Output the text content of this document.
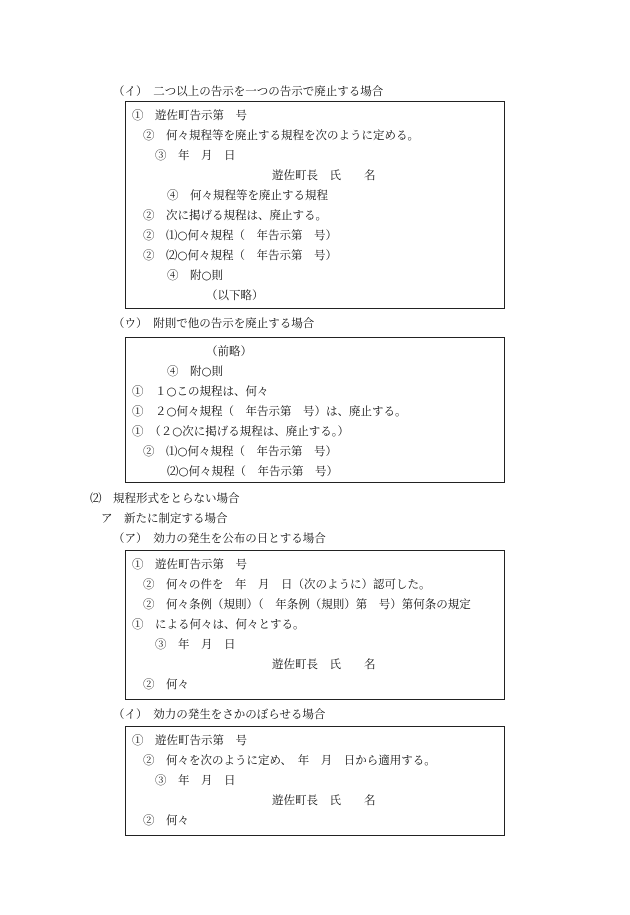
（イ）　二つ以上の告示を一つの告示で廃止する場合
①　遊佐町告示第　号
②　何々規程等を廃止する規程を次のように定める。
③　年　月　日
遊佐町長　氏　　名
④　何々規程等を廃止する規程
②　次に掲げる規程は、廃止する。
②　⑴○何々規程（　年告示第　号）
②　⑵○何々規程（　年告示第　号）
④　附○則
（以下略）
（ウ）　附則で他の告示を廃止する場合
（前略）
④　附○則
①　１○この規程は、何々
①　２○何々規程（　年告示第　号）は、廃止する。
①　（２○次に掲げる規程は、廃止する。）
②　⑴○何々規程（　年告示第　号）
⑵○何々規程（　年告示第　号）
⑵　規程形式をとらない場合
ア　新たに制定する場合
（ア）　効力の発生を公布の日とする場合
①　遊佐町告示第　号
②　何々の件を　年　月　日（次のように）認可した。
②　何々条例（規則）（　年条例（規則）第　号）第何条の規定
①　による何々は、何々とする。
③　年　月　日
遊佐町長　氏　　名
②　何々
（イ）　効力の発生をさかのぼらせる場合
①　遊佐町告示第　号
②　何々を次のように定め、　年　月　日から適用する。
③　年　月　日
遊佐町長　氏　　名
②　何々
